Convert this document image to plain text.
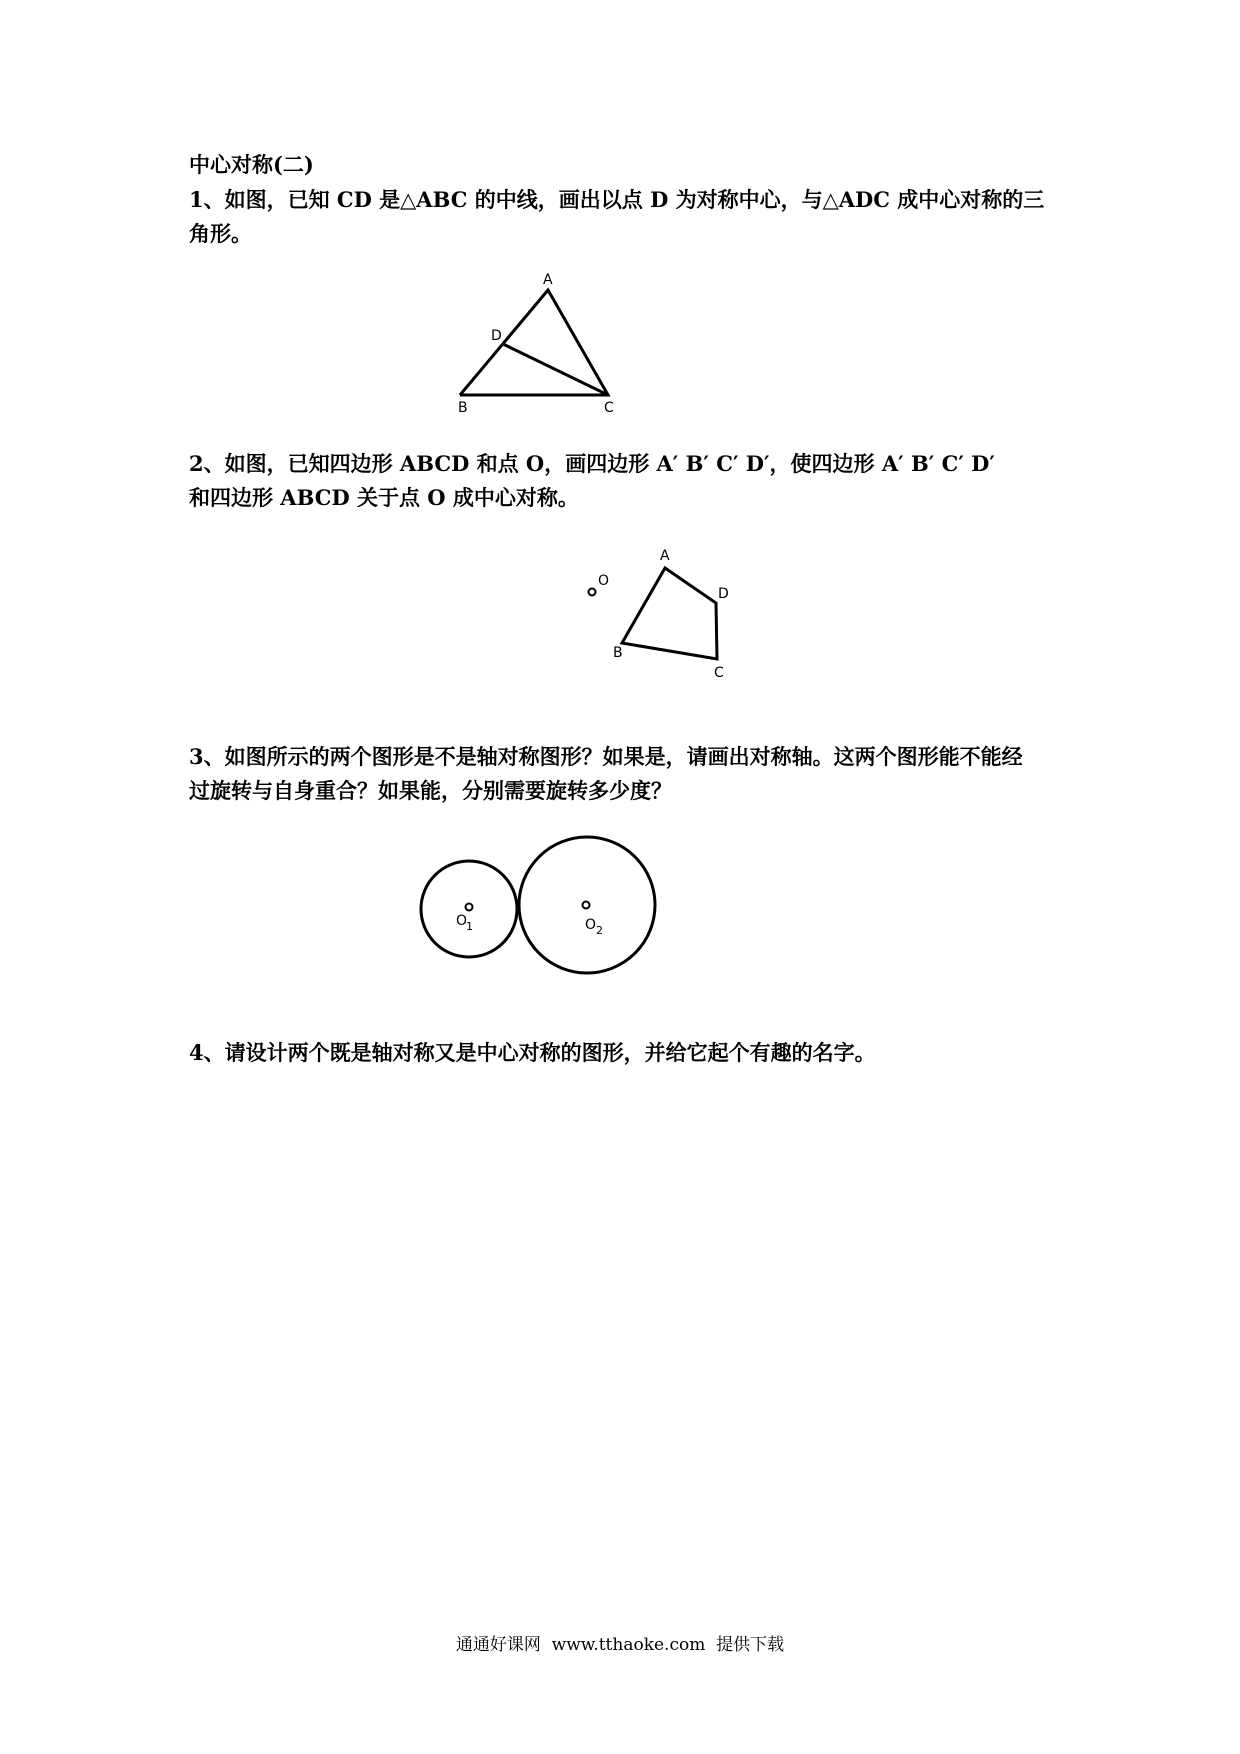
中心对称(二)
1、如图，已知 CD 是△ABC 的中线，画出以点 D 为对称中心，与△ADC 成中心对称的三
角形。
2、如图，已知四边形 ABCD 和点 O，画四边形 A′ B′ C′ D′，使四边形 A′ B′ C′ D′
和四边形 ABCD 关于点 O 成中心对称。
3、如图所示的两个图形是不是轴对称图形？如果是，请画出对称轴。这两个图形能不能经
过旋转与自身重合？如果能，分别需要旋转多少度？
4、请设计两个既是轴对称又是中心对称的图形，并给它起个有趣的名字。
A
D
B	C
O
A
D
B
C
O
1	O 2
通通好课网  www.tthaoke.com  提供下载
